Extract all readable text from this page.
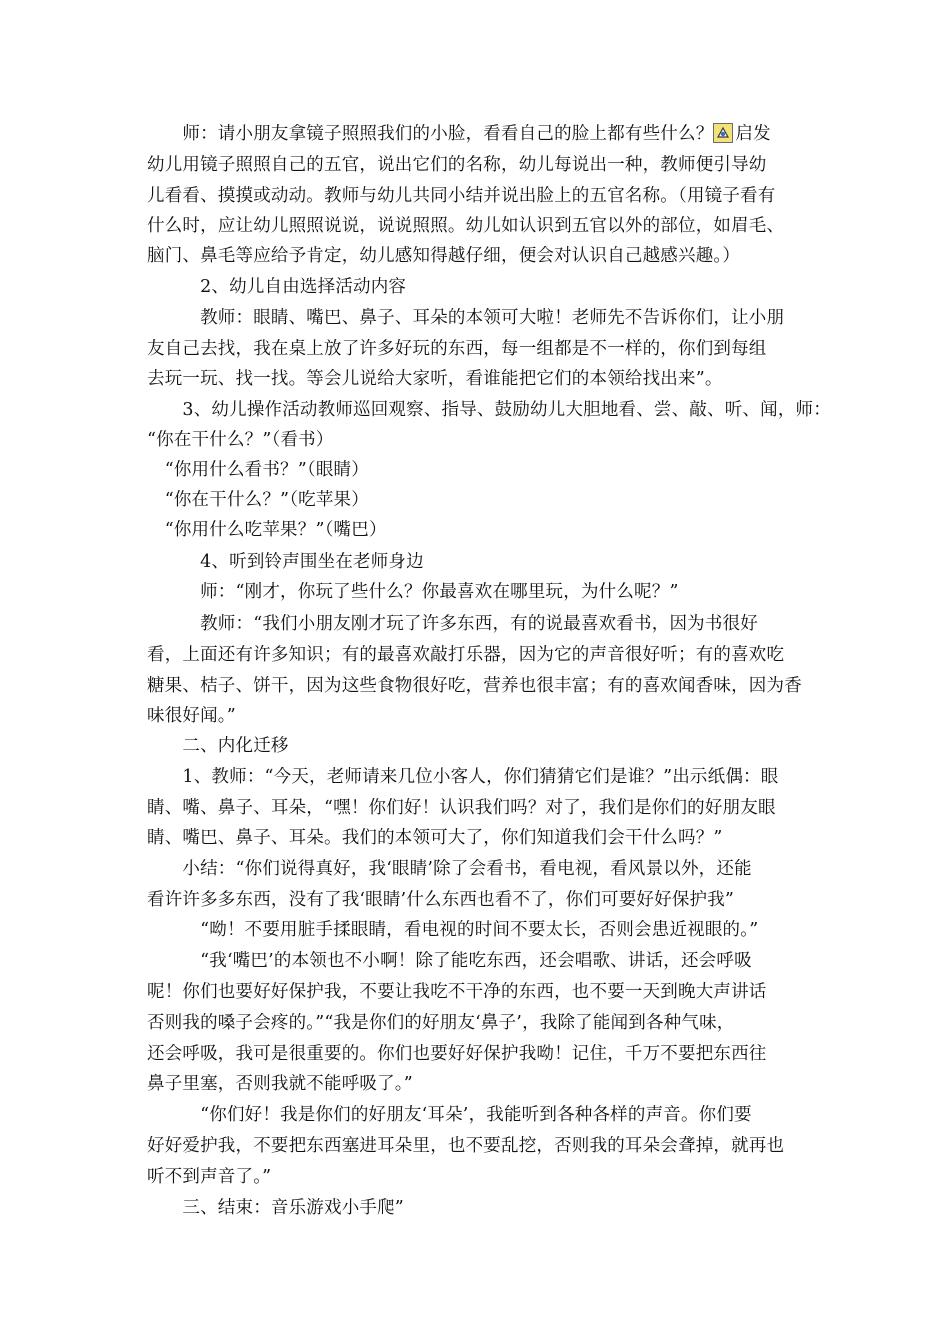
　　师：请小朋友拿镜子照照我们的小脸，看看自己的脸上都有些什么？ 启发
幼儿用镜子照照自己的五官，说出它们的名称，幼儿每说出一种，教师便引导幼
儿看看、摸摸或动动。教师与幼儿共同小结并说出脸上的五官名称。（用镜子看有
什么时，应让幼儿照照说说，说说照照。幼儿如认识到五官以外的部位，如眉毛、
脑门、鼻毛等应给予肯定，幼儿感知得越仔细，便会对认识自己越感兴趣。）
　　　2、幼儿自由选择活动内容
　　　教师：眼睛、嘴巴、鼻子、耳朵的本领可大啦！老师先不告诉你们，让小朋
友自己去找，我在桌上放了许多好玩的东西，每一组都是不一样的，你们到每组
去玩一玩、找一找。等会儿说给大家听，看谁能把它们的本领给找出来”。
　　3、幼儿操作活动教师巡回观察、指导、鼓励幼儿大胆地看、尝、敲、听、闻，师：
“你在干什么？”（看书）
　“你用什么看书？”（眼睛）
　“你在干什么？”（吃苹果）
　“你用什么吃苹果？”（嘴巴）
　　　4、听到铃声围坐在老师身边
　　　师：“刚才，你玩了些什么？你最喜欢在哪里玩，为什么呢？”
　　　教师：“我们小朋友刚才玩了许多东西，有的说最喜欢看书，因为书很好
看，上面还有许多知识；有的最喜欢敲打乐器，因为它的声音很好听；有的喜欢吃
糖果、桔子、饼干，因为这些食物很好吃，营养也很丰富；有的喜欢闻香味，因为香
味很好闻。”
　　二、内化迁移
　　1、教师：“今天，老师请来几位小客人，你们猜猜它们是谁？”出示纸偶：眼
睛、嘴、鼻子、耳朵，“嘿！你们好！认识我们吗？对了，我们是你们的好朋友眼
睛、嘴巴、鼻子、耳朵。我们的本领可大了，你们知道我们会干什么吗？”
　　小结：“你们说得真好，我‘眼睛’除了会看书，看电视，看风景以外，还能
看许许多多东西，没有了我‘眼睛’什么东西也看不了，你们可要好好保护我”
　　　“呦！不要用脏手揉眼睛，看电视的时间不要太长，否则会患近视眼的。”
　　　“我‘嘴巴’的本领也不小啊！除了能吃东西，还会唱歌、讲话，还会呼吸
呢！你们也要好好保护我，不要让我吃不干净的东西，也不要一天到晚大声讲话
否则我的嗓子会疼的。”“我是你们的好朋友‘鼻子’，我除了能闻到各种气味，
还会呼吸，我可是很重要的。你们也要好好保护我呦！记住，千万不要把东西往
鼻子里塞，否则我就不能呼吸了。”
　　　“你们好！我是你们的好朋友‘耳朵’，我能听到各种各样的声音。你们要
好好爱护我，不要把东西塞进耳朵里，也不要乱挖，否则我的耳朵会聋掉，就再也
听不到声音了。”
　　三、结束：音乐游戏小手爬”
